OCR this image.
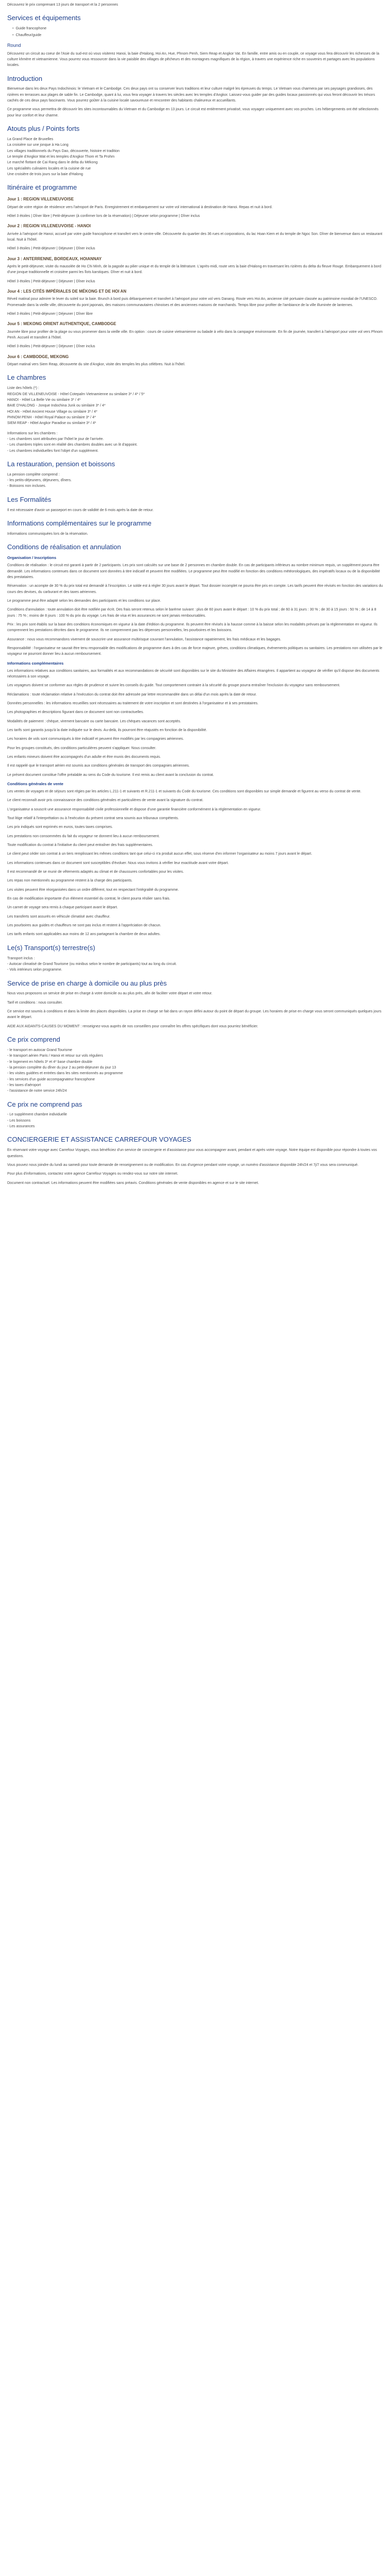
Découvrez le prix comprenant 13 jours de transport et la 2 personnes

Services et équipements
• Guide francophone
• Chauffeur/guide
Round

Découvrez un circuit au coeur de l'Asie du sud-est où vous visiterez Hanoi, la baie d'Halong, Hoi An, Hue, Phnom Penh, Siem Reap et Angkor Vat. En famille, entre amis ou en couple, ce voyage vous fera découvrir les richesses de la culture khmère et vietnamienne. Vous pourrez vous ressourcer dans la vie paisible des villages de pêcheurs et des montagnes magnifiques de la région, à travers une expérience riche en souvenirs et partages avec les populations locales.

Introduction

Bienvenue dans les deux Pays Indochinois: le Vietnam et le Cambodge. Ces deux pays ont su conserver leurs traditions et leur culture malgré les épreuves du temps. Le Vietnam vous charmera par ses paysages grandioses, des rizières en terrasses aux plages de sable fin. Le Cambodge, quant à lui, vous fera voyager à travers les siècles avec les temples d'Angkor. Laissez-vous guider par des guides locaux passionnés qui vous feront découvrir les trésors cachés de ces deux pays fascinants. Vous pourrez goûter à la cuisine locale savoureuse et rencontrer des habitants chaleureux et accueillants.

Ce programme vous permettra de découvrir les sites incontournables du Vietnam et du Cambodge en 13 jours. Le circuit est entièrement privatisé, vous voyagez uniquement avec vos proches. Les hébergements ont été sélectionnés pour leur confort et leur charme.

Atouts plus / Points forts
La Grand Place de Bruxelles
La croisière sur une jonque à Ha Long
Les villages traditionnels du Pays Dao, découverte, histoire et tradition
Le temple d'Angkor Wat et les temples d'Angkor Thom et Ta Prohm
Le marché flottant de Cai Rang dans le delta du Mékong
Les spécialités culinaires locales et la cuisine de rue
Une croisière de trois jours sur la baie d'Halong
Itinéraire et programme
Jour 1 : REGION VILLENEUVOISE

Départ de votre région de résidence vers l'aéroport de Paris. Enregistrement et embarquement sur votre vol international à destination de Hanoi. Repas et nuit à bord.

Hôtel 3 étoiles | Dîner libre | Petit-déjeuner (à confirmer lors de la réservation) | Déjeuner selon programme | Dîner inclus

Jour 2 : REGION VILLENEUVOISE - HANOI

Arrivée à l'aéroport de Hanoi, accueil par votre guide francophone et transfert vers le centre-ville. Découverte du quartier des 36 rues et corporations, du lac Hoan Kiem et du temple de Ngoc Son. Dîner de bienvenue dans un restaurant local. Nuit à l'hôtel.

Hôtel 3 étoiles | Petit-déjeuner | Déjeuner | Dîner inclus

Jour 3 : ANTERRENNE, BORDEAUX, HOIANNAY

Après le petit-déjeuner, visite du mausolée de Ho Chi Minh, de la pagode au pilier unique et du temple de la littérature. L'après-midi, route vers la baie d'Halong en traversant les rizières du delta du fleuve Rouge. Embarquement à bord d'une jonque traditionnelle et croisière parmi les îlots karstiques. Dîner et nuit à bord.

Hôtel 3 étoiles | Petit-déjeuner | Déjeuner | Dîner inclus

Jour 4 : LES CITÉS IMPÉRIALES DE MÉKONG ET DE HOI AN

Réveil matinal pour admirer le lever du soleil sur la baie. Brunch à bord puis débarquement et transfert à l'aéroport pour votre vol vers Danang. Route vers Hoi An, ancienne cité portuaire classée au patrimoine mondial de l'UNESCO. Promenade dans la vieille ville, découverte du pont japonais, des maisons communautaires chinoises et des anciennes maisons de marchands. Temps libre pour profiter de l'ambiance de la ville illuminée de lanternes.

Hôtel 3 étoiles | Petit-déjeuner | Déjeuner | Dîner libre

Jour 5 : MEKONG ORIENT AUTHENTIQUE, CAMBODGE

Journée libre pour profiter de la plage ou vous promener dans la vieille ville. En option : cours de cuisine vietnamienne ou balade à vélo dans la campagne environnante. En fin de journée, transfert à l'aéroport pour votre vol vers Phnom Penh. Accueil et transfert à l'hôtel.

Hôtel 3 étoiles | Petit-déjeuner | Déjeuner | Dîner inclus

Jour 6 : CAMBODGE, MEKONG

Départ matinal vers Siem Reap, découverte du site d'Angkor, visite des temples les plus célèbres. Nuit à l'hôtel.

Le chambres
Liste des hôtels (*) :
REGION DE VILLENEUVOISE - Hôtel Cotepalm Vietnamienne ou similaire 3* / 4* / 5*
HANOI - Hôtel La Belle Vie ou similaire 3* / 4*
BAIE D'HALONG - Jonque Indochina Junk ou similaire 3* / 4*
HOI AN - Hôtel Ancient House Village ou similaire 3* / 4*
PHNOM PENH - Hôtel Royal Palace ou similaire 3* / 4*
SIEM REAP - Hôtel Angkor Paradise ou similaire 3* / 4*
Informations sur les chambres :
- Les chambres sont attribuées par l'hôtel le jour de l'arrivée.
- Les chambres triples sont en réalité des chambres doubles avec un lit d'appoint.
- Les chambres individuelles font l'objet d'un supplément.
La restauration, pension et boissons
La pension complète comprend :
- les petits-déjeuners, déjeuners, dîners.
- Boissons non incluses.
Les Formalités

Il est nécessaire d'avoir un passeport en cours de validité de 6 mois après la date de retour.

Informations complémentaires sur le programme

Informations communiquées lors de la réservation.

Conditions de réalisation et annulation
Organisation / Inscriptions

Conditions de réalisation : le circuit est garanti à partir de 2 participants. Les prix sont calculés sur une base de 2 personnes en chambre double. En cas de participants inférieurs au nombre minimum requis, un supplément pourra être demandé. Les informations contenues dans ce document sont données à titre indicatif et peuvent être modifiées. Le programme peut être modifié en fonction des conditions météorologiques, des impératifs locaux ou de la disponibilité des prestataires.

Réservation : un acompte de 30 % du prix total est demandé à l'inscription. Le solde est à régler 30 jours avant le départ. Tout dossier incomplet ne pourra être pris en compte. Les tarifs peuvent être révisés en fonction des variations du cours des devises, du carburant et des taxes aériennes.

Le programme peut être adapté selon les demandes des participants et les conditions sur place.

Conditions d'annulation : toute annulation doit être notifiée par écrit. Des frais seront retenus selon le barème suivant : plus de 60 jours avant le départ : 10 % du prix total ; de 60 à 31 jours : 30 % ; de 30 à 15 jours : 50 % ; de 14 à 8 jours : 75 % ; moins de 8 jours : 100 % du prix du voyage. Les frais de visa et les assurances ne sont jamais remboursables.

Prix : les prix sont établis sur la base des conditions économiques en vigueur à la date d'édition du programme. Ils peuvent être révisés à la hausse comme à la baisse selon les modalités prévues par la réglementation en vigueur. Ils comprennent les prestations décrites dans le programme. Ils ne comprennent pas les dépenses personnelles, les pourboires et les boissons.

Assurance : nous vous recommandons vivement de souscrire une assurance multirisque couvrant l'annulation, l'assistance rapatriement, les frais médicaux et les bagages.

Responsabilité : l'organisateur ne saurait être tenu responsable des modifications de programme dues à des cas de force majeure, grèves, conditions climatiques, événements politiques ou sanitaires. Les prestations non utilisées par le voyageur ne pourront donner lieu à aucun remboursement.

Informations complémentaires

Les informations relatives aux conditions sanitaires, aux formalités et aux recommandations de sécurité sont disponibles sur le site du Ministère des Affaires étrangères. Il appartient au voyageur de vérifier qu'il dispose des documents nécessaires à son voyage.

Les voyageurs doivent se conformer aux règles de prudence et suivre les conseils du guide. Tout comportement contraire à la sécurité du groupe pourra entraîner l'exclusion du voyageur sans remboursement.

Réclamations : toute réclamation relative à l'exécution du contrat doit être adressée par lettre recommandée dans un délai d'un mois après la date de retour.

Données personnelles : les informations recueillies sont nécessaires au traitement de votre inscription et sont destinées à l'organisateur et à ses prestataires.

Les photographies et descriptions figurant dans ce document sont non contractuelles.

Modalités de paiement : chèque, virement bancaire ou carte bancaire. Les chèques vacances sont acceptés.

Les tarifs sont garantis jusqu'à la date indiquée sur le devis. Au-delà, ils pourront être réajustés en fonction de la disponibilité.

Les horaires de vols sont communiqués à titre indicatif et peuvent être modifiés par les compagnies aériennes.

Pour les groupes constitués, des conditions particulières peuvent s'appliquer. Nous consulter.

Les enfants mineurs doivent être accompagnés d'un adulte et être munis des documents requis.

Il est rappelé que le transport aérien est soumis aux conditions générales de transport des compagnies aériennes.

Le présent document constitue l'offre préalable au sens du Code du tourisme. Il est remis au client avant la conclusion du contrat.

Conditions générales de vente

Les ventes de voyages et de séjours sont régies par les articles L.211-1 et suivants et R.211-1 et suivants du Code du tourisme. Ces conditions sont disponibles sur simple demande et figurent au verso du contrat de vente.

Le client reconnaît avoir pris connaissance des conditions générales et particulières de vente avant la signature du contrat.

L'organisateur a souscrit une assurance responsabilité civile professionnelle et dispose d'une garantie financière conformément à la réglementation en vigueur.

Tout litige relatif à l'interprétation ou à l'exécution du présent contrat sera soumis aux tribunaux compétents.

Les prix indiqués sont exprimés en euros, toutes taxes comprises.

Les prestations non consommées du fait du voyageur ne donnent lieu à aucun remboursement.

Toute modification du contrat à l'initiative du client peut entraîner des frais supplémentaires.

Le client peut céder son contrat à un tiers remplissant les mêmes conditions tant que celui-ci n'a produit aucun effet, sous réserve d'en informer l'organisateur au moins 7 jours avant le départ.

Les informations contenues dans ce document sont susceptibles d'évoluer. Nous vous invitons à vérifier leur exactitude avant votre départ.

Il est recommandé de se munir de vêtements adaptés au climat et de chaussures confortables pour les visites.

Les repas non mentionnés au programme restent à la charge des participants.

Les visites peuvent être réorganisées dans un ordre différent, tout en respectant l'intégralité du programme.

En cas de modification importante d'un élément essentiel du contrat, le client pourra résilier sans frais.

Un carnet de voyage sera remis à chaque participant avant le départ.

Les transferts sont assurés en véhicule climatisé avec chauffeur.

Les pourboires aux guides et chauffeurs ne sont pas inclus et restent à l'appréciation de chacun.

Les tarifs enfants sont applicables aux moins de 12 ans partageant la chambre de deux adultes.

Le(s) Transport(s) terrestre(s)
Transport inclus :
- Autocar climatisé de Grand Tourisme (ou minibus selon le nombre de participants) tout au long du circuit.
- Vols intérieurs selon programme.
Service de prise en charge à domicile ou au plus près

Nous vous proposons un service de prise en charge à votre domicile ou au plus près, afin de faciliter votre départ et votre retour.

Tarif et conditions : nous consulter.

Ce service est soumis à conditions et dans la limite des places disponibles. La prise en charge se fait dans un rayon défini autour du point de départ du groupe. Les horaires de prise en charge vous seront communiqués quelques jours avant le départ.

AIDE AUX AIDANTS-CAUSES DU MOMENT : renseignez-vous auprès de nos conseillers pour connaître les offres spécifiques dont vous pourriez bénéficier.

Ce prix comprend
- le transport en autocar Grand Tourisme
- le transport aérien Paris / Hanoi et retour sur vols réguliers
- le logement en hôtels 3* et 4* base chambre double
- la pension complète du dîner du jour 2 au petit-déjeuner du jour 13
- les visites guidées et entrées dans les sites mentionnés au programme
- les services d'un guide accompagnateur francophone
- les taxes d'aéroport
- l'assistance de notre service 24h/24
Ce prix ne comprend pas
- Le supplément chambre individuelle
- Les boissons
- Les assurances
CONCIERGERIE ET ASSISTANCE CARREFOUR VOYAGES

En réservant votre voyage avec Carrefour Voyages, vous bénéficiez d'un service de conciergerie et d'assistance pour vous accompagner avant, pendant et après votre voyage. Notre équipe est disponible pour répondre à toutes vos questions.

Vous pouvez nous joindre du lundi au samedi pour toute demande de renseignement ou de modification. En cas d'urgence pendant votre voyage, un numéro d'assistance disponible 24h/24 et 7j/7 vous sera communiqué.

Pour plus d'informations, contactez votre agence Carrefour Voyages ou rendez-vous sur notre site internet.

Document non contractuel. Les informations peuvent être modifiées sans préavis. Conditions générales de vente disponibles en agence et sur le site internet.
